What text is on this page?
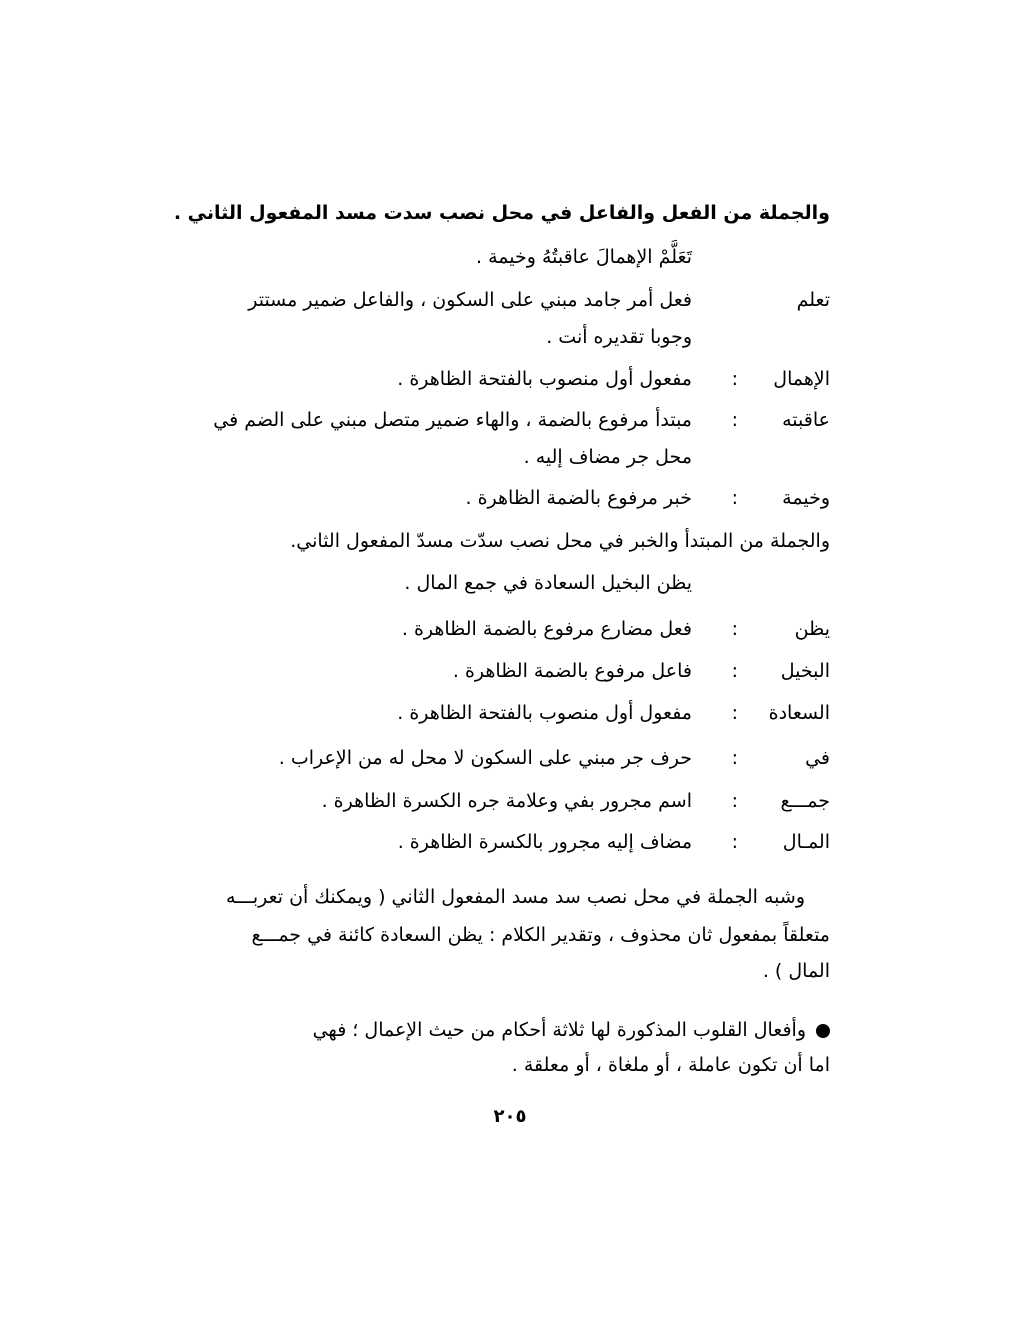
والجملة من الفعل والفاعل في محل نصب سدت مسد المفعول الثاني .
تَعَلَّمْ الإهمالَ عاقبتُهُ وخيمة .
تعلم
فعل أمر جامد مبني على السكون ، والفاعل ضمير مستتر
وجوبا تقديره أنت .
الإهمال
:
مفعول أول منصوب بالفتحة الظاهرة .
عاقبته
:
مبتدأ مرفوع بالضمة ، والهاء ضمير متصل مبني على الضم في
محل جر مضاف إليه .
وخيمة
:
خبر مرفوع بالضمة الظاهرة .
والجملة من المبتدأ والخبر في محل نصب سدّت مسدّ المفعول الثاني.
يظن البخيل السعادة في جمع المال .
يظن
:
فعل مضارع مرفوع بالضمة الظاهرة .
البخيل
:
فاعل مرفوع بالضمة الظاهرة .
السعادة
:
مفعول أول منصوب بالفتحة الظاهرة .
في
:
حرف جر مبني على السكون لا محل له من الإعراب .
جمـــع
:
اسم مجرور بفي وعلامة جره الكسرة الظاهرة .
المـال
:
مضاف إليه مجرور بالكسرة الظاهرة .
وشبه الجملة في محل نصب سد مسد المفعول الثاني ( ويمكنك أن تعربـــه
متعلقاً بمفعول ثان محذوف ، وتقدير الكلام : يظن السعادة كائنة في جمـــع
المال ) .
وأفعال القلوب المذكورة لها ثلاثة أحكام من حيث الإعمال ؛ فهي
اما أن تكون عاملة ، أو ملغاة ، أو معلقة .
٢٠٥
